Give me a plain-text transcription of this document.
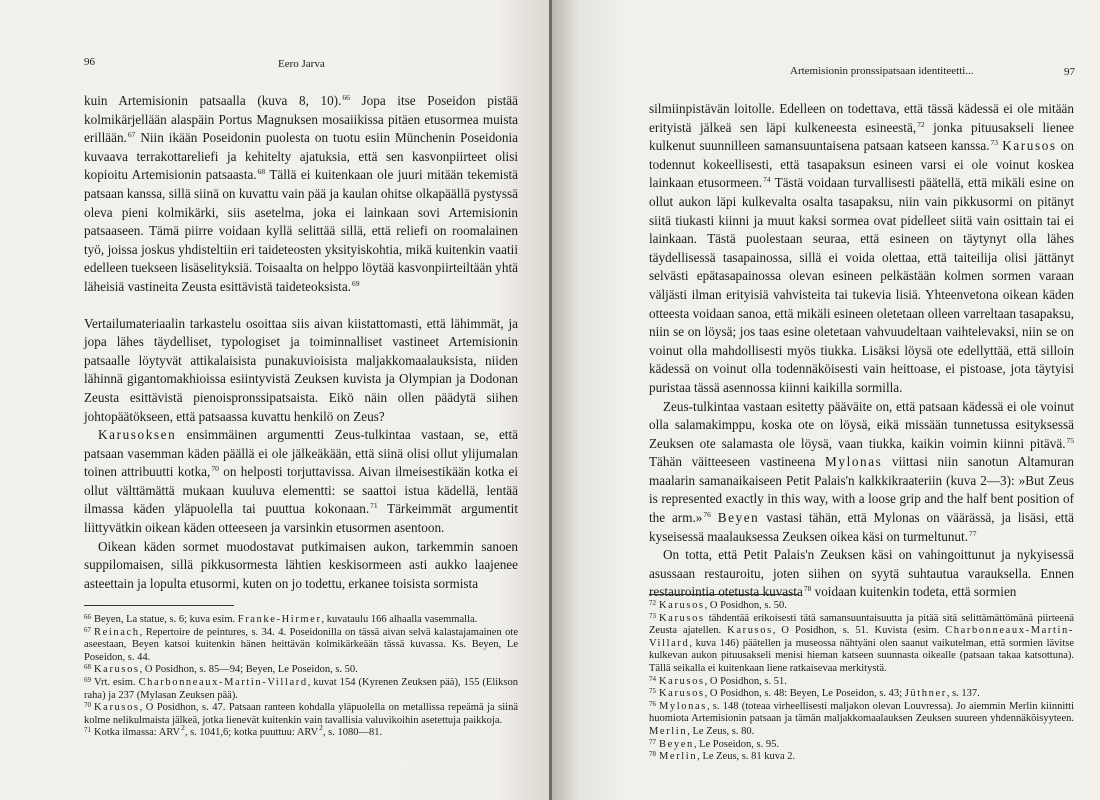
96	Eero Jarva

kuin Artemisionin patsaalla (kuva 8, 10).$^{66}$ Jopa itse Poseidon pistää kolmikärjellään alaspäin Portus Magnuksen mosaiikissa pitäen etusormea muista erillään.$^{67}$ Niin ikään Poseidonin puolesta on tuotu esiin Münchenin Poseidonia kuvaava terrakottareliefi ja kehitelty ajatuksia, että sen kasvonpiirteet olisi kopioitu Artemisionin patsaasta.$^{68}$ Tällä ei kuitenkaan ole juuri mitään tekemistä patsaan kanssa, sillä siinä on kuvattu vain pää ja kaulan ohitse olkapäällä pystyssä oleva pieni kolmikärki, siis asetelma, joka ei lainkaan sovi Artemisionin patsaaseen. Tämä piirre voidaan kyllä selittää sillä, että reliefi on roomalainen työ, joissa joskus yhdisteltiin eri taideteosten yksityiskohtia, mikä kuitenkin vaatii edelleen tuekseen lisäselityksiä. Toisaalta on helppo löytää kasvonpiirteiltään yhtä läheisiä vastineita Zeusta esittävistä taideteoksista.$^{69}$

Vertailumateriaalin tarkastelu osoittaa siis aivan kiistattomasti, että lähimmät, ja jopa lähes täydelliset, typologiset ja toiminnalliset vastineet Artemisionin patsaalle löytyvät attikalaisista punakuvioisista maljakkomaalauksista, niiden lähinnä gigantomakhioissa esiintyvistä Zeuksen kuvista ja Olympian ja Dodonan Zeusta esittävistä pienoispronssipatsaista. Eikö näin ollen päädytä siihen johtopäätökseen, että patsaassa kuvattu henkilö on Zeus?

Karusoksen ensimmäinen argumentti Zeus-tulkintaa vastaan, se, että patsaan vasemman käden päällä ei ole jälkeäkään, että siinä olisi ollut ylijumalan toinen attribuutti kotka,$^{70}$ on helposti torjuttavissa. Aivan ilmeisestikään kotka ei ollut välttämättä mukaan kuuluva elementti: se saattoi istua kädellä, lentää ilmassa käden yläpuolella tai puuttua kokonaan.$^{71}$ Tärkeimmät argumentit liittyvätkin oikean käden otteeseen ja varsinkin etusormen asentoon.

Oikean käden sormet muodostavat putkimaisen aukon, tarkemmin sanoen suppilomaisen, sillä pikkusormesta lähtien keskisormeen asti aukko laajenee asteettain ja lopulta etusormi, kuten on jo todettu, erkanee toisista sormista

$^{66}$ Beyen, La statue, s. 6; kuva esim. Franke-Hirmer, kuvataulu 166 alhaalla vasemmalla.

$^{67}$ Reinach, Repertoire de peintures, s. 34. 4. Poseidonilla on tässä aivan selvä kalastajamainen ote aseestaan, Beyen katsoi kuitenkin hänen heittävän kolmikärkeään tässä kuvassa. Ks. Beyen, Le Poseidon, s. 44.

$^{68}$ Karusos, O Posidhon, s. 85—94; Beyen, Le Poseidon, s. 50.

$^{69}$ Vrt. esim. Charbonneaux-Martin-Villard, kuvat 154 (Kyrenen Zeuksen pää), 155 (Elikson raha) ja 237 (Mylasan Zeuksen pää).

$^{70}$ Karusos, O Posidhon, s. 47. Patsaan ranteen kohdalla yläpuolella on metallissa repeämä ja siinä kolme nelikulmaista jälkeä, jotka lienevät kuitenkin vain tavallisia valuvikoihin asetettuja paikkoja.

$^{71}$ Kotka ilmassa: ARV$^2$, s. 1041,6; kotka puuttuu: ARV$^2$, s. 1080—81.

Artemisionin pronssipatsaan identiteetti...	97

silmiinpistävän loitolle. Edelleen on todettava, että tässä kädessä ei ole mitään erityistä jälkeä sen läpi kulkeneesta esineestä,$^{72}$ jonka pituusakseli lienee kulkenut suunnilleen samansuuntaisena patsaan katseen kanssa.$^{73}$ Karusos on todennut kokeellisesti, että tasapaksun esineen varsi ei ole voinut koskea lainkaan etusormeen.$^{74}$ Tästä voidaan turvallisesti päätellä, että mikäli esine on ollut aukon läpi kulkevalta osalta tasapaksu, niin vain pikkusormi on pitänyt siitä tiukasti kiinni ja muut kaksi sormea ovat pidelleet siitä vain osittain tai ei lainkaan. Tästä puolestaan seuraa, että esineen on täytynyt olla lähes täydellisessä tasapainossa, sillä ei voida olettaa, että taiteilija olisi jättänyt selvästi epätasapainossa olevan esineen pelkästään kolmen sormen varaan väljästi ilman erityisiä vahvisteita tai tukevia lisiä. Yhteenvetona oikean käden otteesta voidaan sanoa, että mikäli esineen oletetaan olleen varreltaan tasapaksu, niin se on löysä; jos taas esine oletetaan vahvuudeltaan vaihtelevaksi, niin se on voinut olla mahdollisesti myös tiukka. Lisäksi löysä ote edellyttää, että silloin kädessä on voinut olla todennäköisesti vain heittoase, ei pistoase, jota täytyisi puristaa tässä asennossa kiinni kaikilla sormilla.

Zeus-tulkintaa vastaan esitetty pääväite on, että patsaan kädessä ei ole voinut olla salamakimppu, koska ote on löysä, eikä missään tunnetussa esityksessä Zeuksen ote salamasta ole löysä, vaan tiukka, kaikin voimin kiinni pitävä.$^{75}$ Tähän väitteeseen vastineena Mylonas viittasi niin sanotun Altamuran maalarin samanaikaiseen Petit Palais'n kalkkikraateriin (kuva 2—3): »But Zeus is represented exactly in this way, with a loose grip and the half bent position of the arm.»$^{76}$ Beyen vastasi tähän, että Mylonas on väärässä, ja lisäsi, että kyseisessä maalauksessa Zeuksen oikea käsi on turmeltunut.$^{77}$

On totta, että Petit Palais'n Zeuksen käsi on vahingoittunut ja nykyisessä asussaan restauroitu, joten siihen on syytä suhtautua varauksella. Ennen restaurointia otetusta kuvasta$^{78}$ voidaan kuitenkin todeta, että sormien

$^{72}$ Karusos, O Posidhon, s. 50.

$^{73}$ Karusos tähdentää erikoisesti tätä samansuuntaisuutta ja pitää sitä selittämättömänä piirteenä Zeusta ajatellen. Karusos, O Posidhon, s. 51. Kuvista (esim. Charbonneaux-Martin-Villard, kuva 146) päätellen ja museossa nähtyäni olen saanut vaikutelman, että sormien lävitse kulkevan aukon pituusakseli menisi hieman katseen suunnasta oikealle (patsaan takaa katsottuna). Tällä seikalla ei kuitenkaan liene ratkaisevaa merkitystä.

$^{74}$ Karusos, O Posidhon, s. 51.

$^{75}$ Karusos, O Posidhon, s. 48: Beyen, Le Poseidon, s. 43; Jüthner, s. 137.

$^{76}$ Mylonas, s. 148 (toteaa virheellisesti maljakon olevan Louvressa). Jo aiemmin Merlin kiinnitti huomiota Artemisionin patsaan ja tämän maljakkomaalauksen Zeuksen suureen yhdennäköisyyteen. Merlin, Le Zeus, s. 80.

$^{77}$ Beyen, Le Poseidon, s. 95.

$^{78}$ Merlin, Le Zeus, s. 81 kuva 2.
